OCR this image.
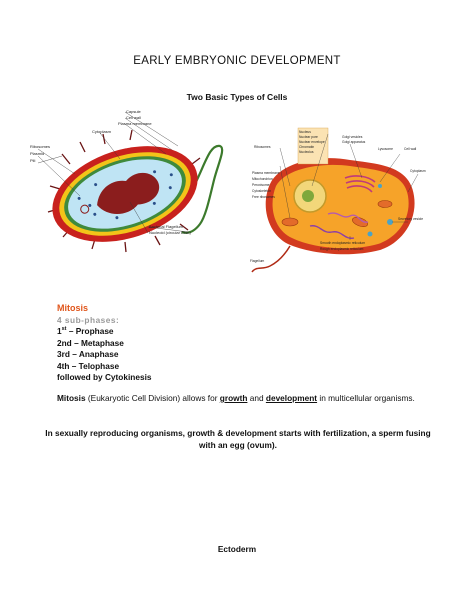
EARLY EMBRYONIC DEVELOPMENT
Two Basic Types of Cells
Capsule
Cell wall
Plasma membrane
Cytoplasm
Ribosomes
Plasmid
Pili
Bacterial Flagellum
Nucleoid (circular DNA)
Nucleus
Nuclear pore
Nuclear envelope
Chromatin
Nucleolus
Ribosomes
Golgi vesicles
Golgi apparatus
Lysosome	Cell wall
Plasma membrane
Mitochondrion
Peroxisome
Cytoskeleton
Free ribosomes
Cytoplasm
Secretory vesicle
Smooth endoplasmic reticulum
Rough endoplasmic reticulum
Flagellum
Mitosis
4 sub-phases:
1st – Prophase
2nd – Metaphase
3rd – Anaphase
4th – Telophase
followed by Cytokinesis
Mitosis (Eukaryotic Cell Division) allows for growth and development in multicellular organisms.
In sexually reproducing organisms, growth & development starts with fertilization, a sperm fusing with an egg (ovum).
Ectoderm
